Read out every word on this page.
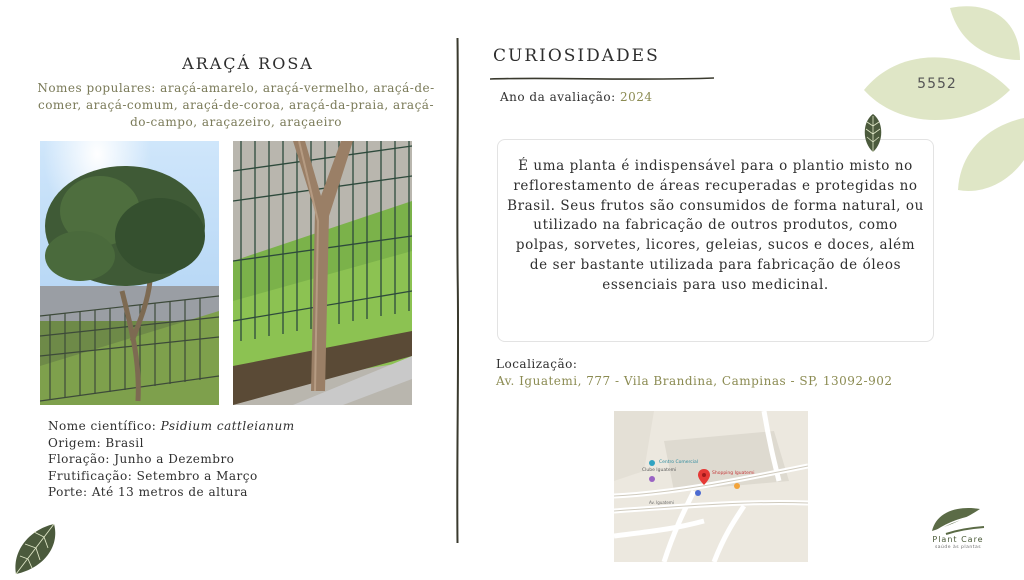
ARAÇÁ ROSA
Nomes populares: araçá-amarelo, araçá-vermelho, araçá-de-comer, araçá-comum, araçá-de-coroa, araçá-da-praia, araçá-do-campo, araçazeiro, araçaeiro
Nome científico: Psidium cattleianum
Origem: Brasil
Floração: Junho a Dezembro
Frutificação: Setembro a Março
Porte: Até 13 metros de altura
CURIOSIDADES
Ano da avaliação: 2024
É uma planta é indispensável para o plantio misto no reflorestamento de áreas recuperadas e protegidas no Brasil. Seus frutos são consumidos de forma natural, ou utilizado na fabricação de outros produtos, como polpas, sorvetes, licores, geleias, sucos e doces, além de ser bastante utilizada para fabricação de óleos essenciais para uso medicinal.
Localização:
Av. Iguatemi, 777 - Vila Brandina, Campinas - SP, 13092-902
Centro Comercial
Clube Iguatemi
Shopping Iguatemi
Av. Iguatemi
5552
Plant Care
saúde às plantas
